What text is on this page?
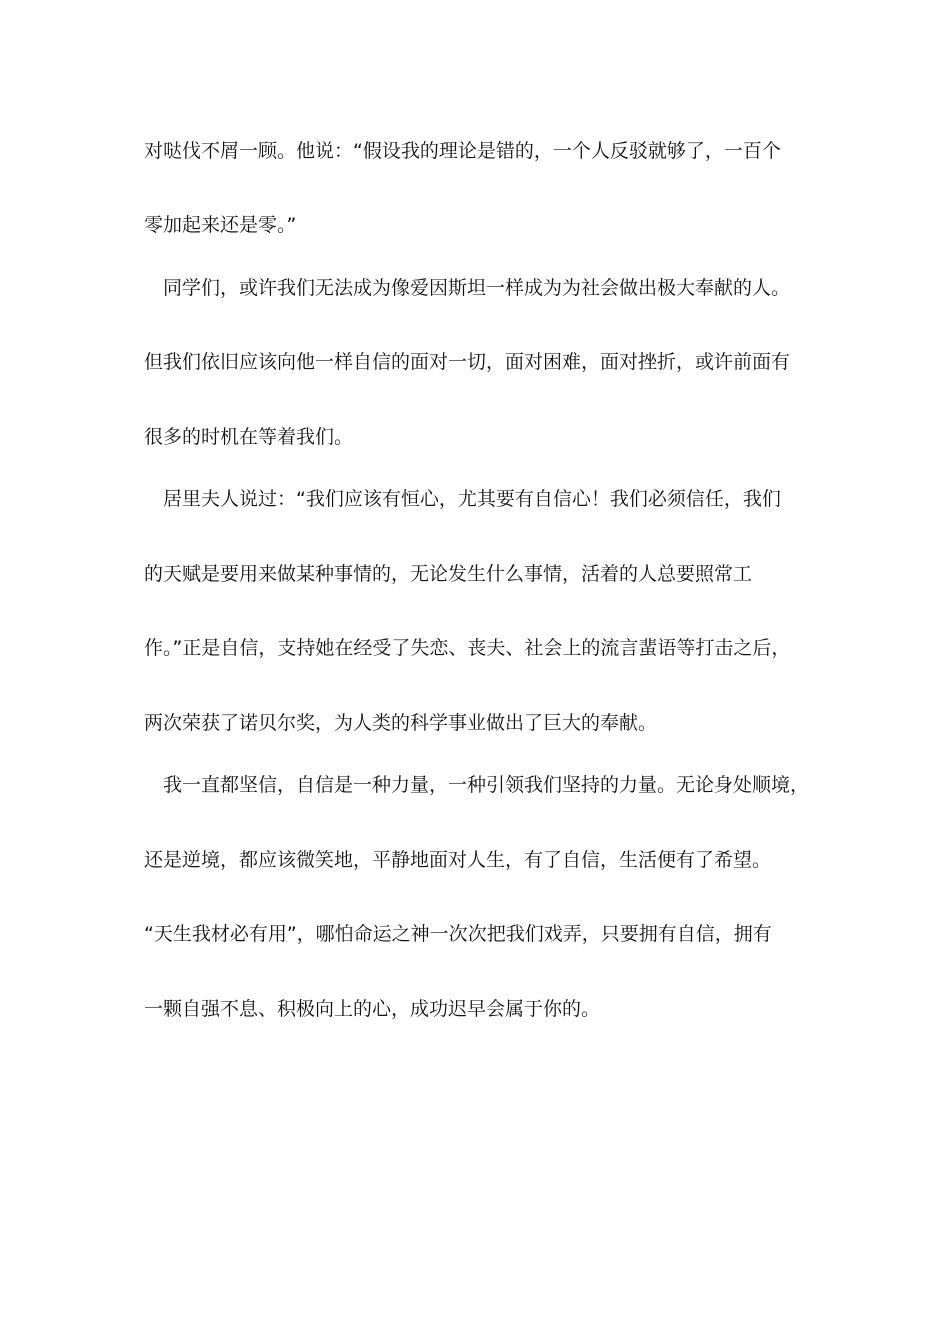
对哒伐不屑一顾。他说：“假设我的理论是错的，一个人反驳就够了，一百个
零加起来还是零。”
　同学们，或许我们无法成为像爱因斯坦一样成为为社会做出极大奉献的人。
但我们依旧应该向他一样自信的面对一切，面对困难，面对挫折，或许前面有
很多的时机在等着我们。
　居里夫人说过：“我们应该有恒心，尤其要有自信心！我们必须信任，我们
的天赋是要用来做某种事情的，无论发生什么事情，活着的人总要照常工
作。”正是自信，支持她在经受了失恋、丧夫、社会上的流言蜚语等打击之后，
两次荣获了诺贝尔奖，为人类的科学事业做出了巨大的奉献。
　我一直都坚信，自信是一种力量，一种引领我们坚持的力量。无论身处顺境，
还是逆境，都应该微笑地，平静地面对人生，有了自信，生活便有了希望。
“天生我材必有用”，哪怕命运之神一次次把我们戏弄，只要拥有自信，拥有
一颗自强不息、积极向上的心，成功迟早会属于你的。
